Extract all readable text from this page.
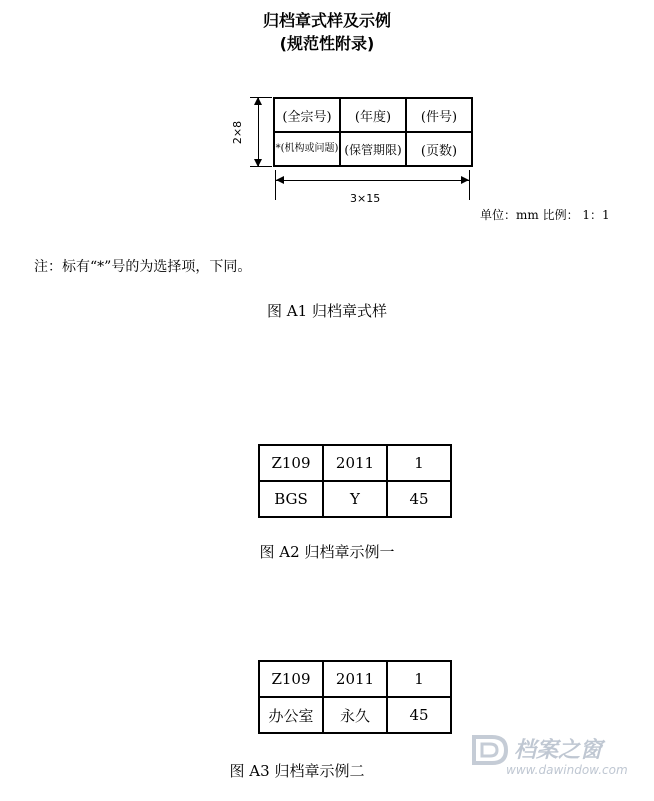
归档章式样及示例
(规范性附录)
2×8
(全宗号)	(年度)	(件号)
*(机构或问题)	(保管期限)	(页数)
3×15
单位：mm 比例： 1：1
注：标有“*”号的为选择项，下同。
图 A1 归档章式样
Z109	2011	1
BGS	Y	45
图 A2 归档章示例一
Z109	2011	1
办公室	永久	45
图 A3 归档章示例二
档案之窗
www.dawindow.com
